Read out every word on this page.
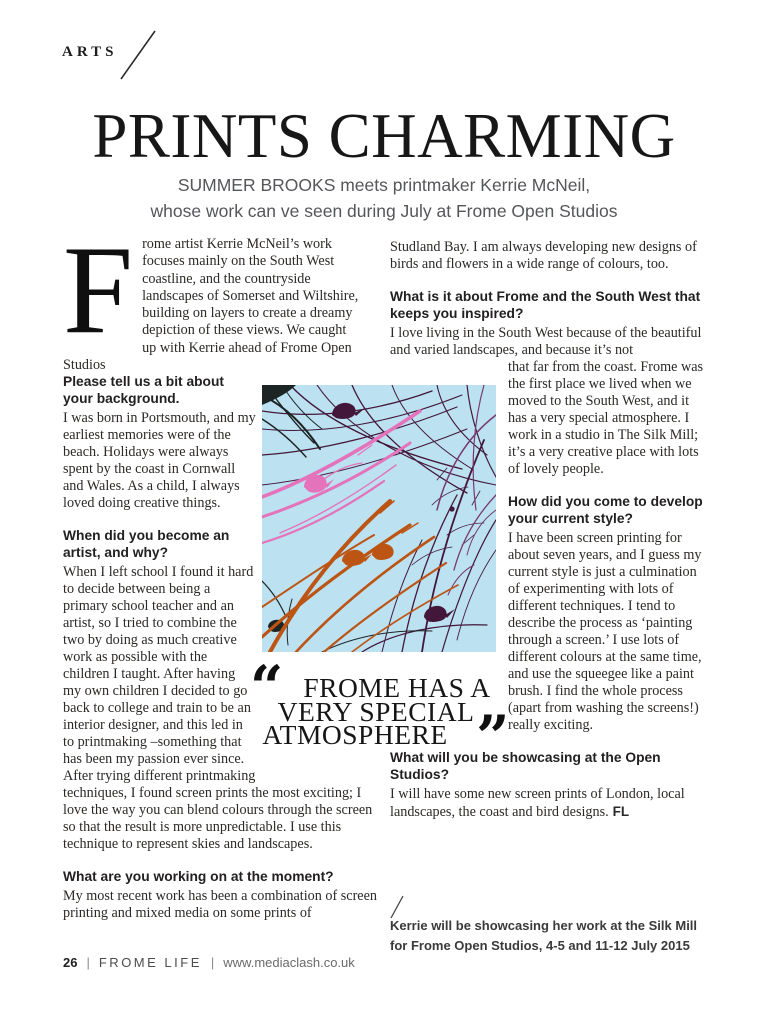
ARTS
PRINTS CHARMING
SUMMER BROOKS meets printmaker Kerrie McNeil,
whose work can ve seen during July at Frome Open Studios
Frome artist Kerrie McNeil’s work focuses mainly on the South West coastline, and the countryside landscapes of Somerset and Wiltshire, building on layers to create a dreamy depiction of these views. We caught up with Kerrie ahead of Frome Open Studios
Please tell us a bit about your background.
I was born in Portsmouth, and my earliest memories were of the beach. Holidays were always spent by the coast in Cornwall and Wales. As a child, I always loved doing creative things.
When did you become an artist, and why?
When I left school I found it hard to decide between being a primary school teacher and an artist, so I tried to combine the two by doing as much creative work as possible with the children I taught. After having my own children I decided to go back to college and train to be an interior designer, and this led in to printmaking –something that has been my passion ever since. After trying different printmaking
techniques, I found screen prints the most exciting; I love the way you can blend colours through the screen so that the result is more unpredictable. I use this technique to represent skies and landscapes.
What are you working on at the moment?
My most recent work has been a combination of screen printing and mixed media on some prints of
Studland Bay. I am always developing new designs of birds and flowers in a wide range of colours, too.
What is it about Frome and the South West that keeps you inspired?
I love living in the South West because of the beautiful and varied landscapes, and because it’s not
that far from the coast. Frome was the first place we lived when we moved to the South West, and it has a very special atmosphere. I work in a studio in The Silk Mill; it’s a very creative place with lots of lovely people.
How did you come to develop your current style?
I have been screen printing for about seven years, and I guess my current style is just a culmination of experimenting with lots of different techniques. I tend to describe the process as ‘painting through a screen.’ I use lots of different colours at the same time, and use the squeegee like a paint brush. I find the whole process (apart from washing the screens!) really exciting.
What will you be showcasing at the Open Studios?
I will have some new screen prints of London, local landscapes, the coast and bird designs. FL
“ FROME HAS A
VERY SPECIAL
ATMOSPHERE ”
Kerrie will be showcasing her work at the Silk Mill for Frome Open Studios, 4-5 and 11-12 July 2015
26 | FROME LIFE | www.mediaclash.co.uk
